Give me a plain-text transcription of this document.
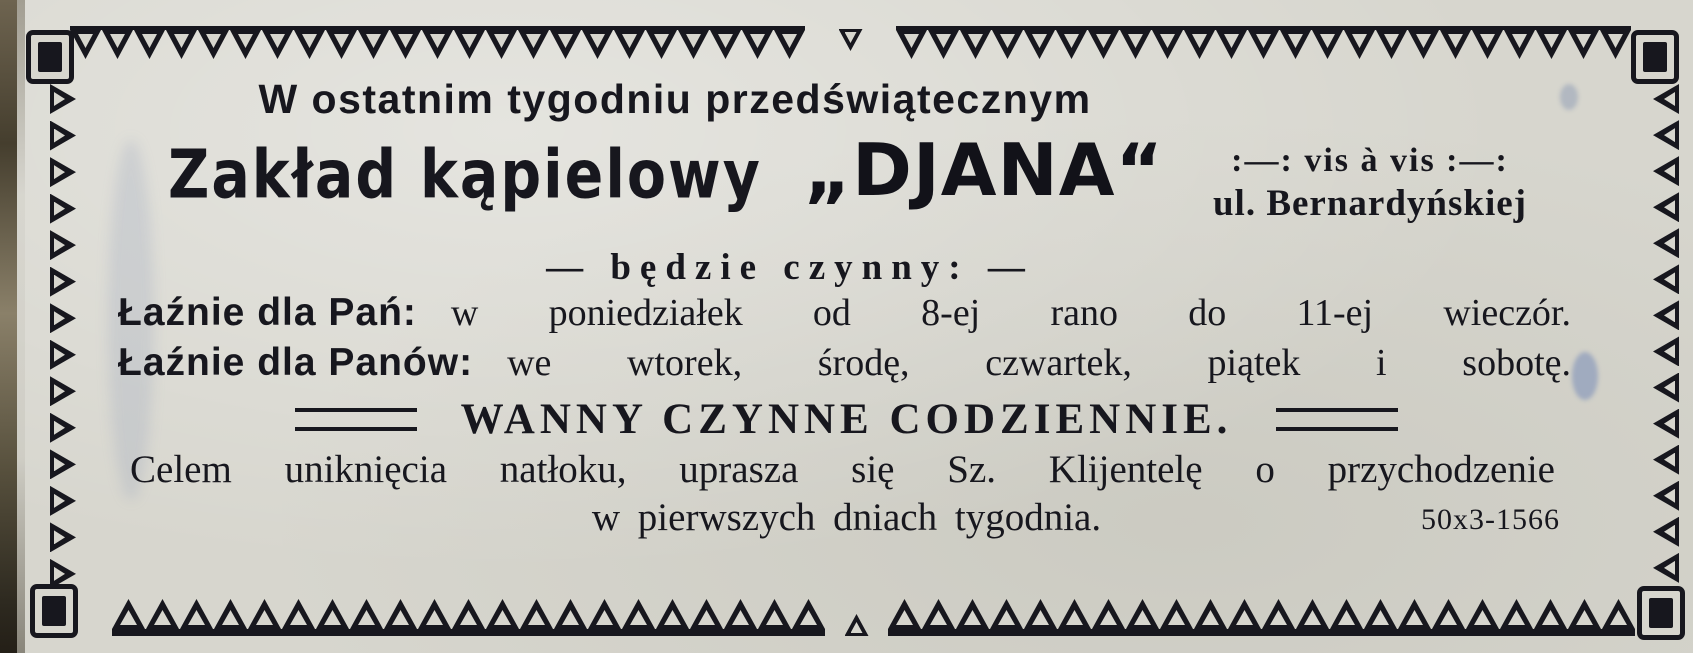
W ostatnim tygodniu przedświątecznym
Zakład kąpielowy „DJANA“	:—: vis à vis :—:
ul. Bernardyńskiej
— będzie czynny: —
Łaźnie dla Pań: w poniedziałek od 8-ej rano do 11-ej wieczór.
Łaźnie dla Panów: we wtorek, środę, czwartek, piątek i sobotę.
WANNY CZYNNE CODZIENNIE.
Celem uniknięcia natłoku, uprasza się Sz. Klijentelę o przychodzenie
w pierwszych dniach tygodnia.	50x3-1566
